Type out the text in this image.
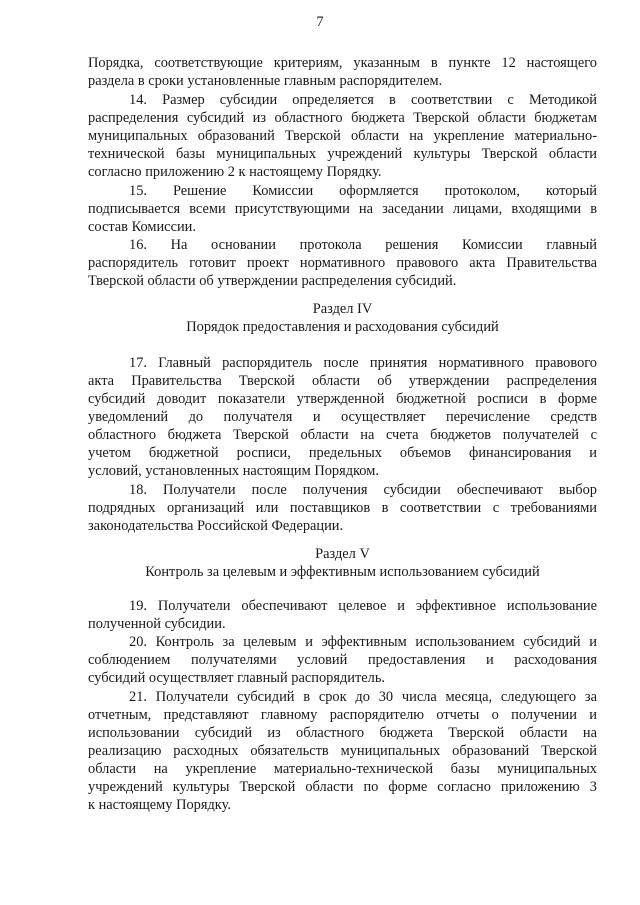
7
Порядка, соответствующие критериям, указанным в пункте 12 настоящего
раздела в сроки установленные главным распорядителем.
14. Размер субсидии определяется в соответствии с Методикой
распределения субсидий из областного бюджета Тверской области бюджетам
муниципальных образований Тверской области на укрепление материально-
технической базы муниципальных учреждений культуры Тверской области
согласно приложению 2 к настоящему Порядку.
15. Решение Комиссии оформляется протоколом, который
подписывается всеми присутствующими на заседании лицами, входящими в
состав Комиссии.
16. На основании протокола решения Комиссии главный
распорядитель готовит проект нормативного правового акта Правительства
Тверской области об утверждении распределения субсидий.
Раздел IV
Порядок предоставления и расходования субсидий
17. Главный распорядитель после принятия нормативного правового
акта Правительства Тверской области об утверждении распределения
субсидий доводит показатели утвержденной бюджетной росписи в форме
уведомлений до получателя и осуществляет перечисление средств
областного бюджета Тверской области на счета бюджетов получателей с
учетом бюджетной росписи, предельных объемов финансирования и
условий, установленных настоящим Порядком.
18. Получатели после получения субсидии обеспечивают выбор
подрядных организаций или поставщиков в соответствии с требованиями
законодательства Российской Федерации.
Раздел V
Контроль за целевым и эффективным использованием субсидий
19. Получатели обеспечивают целевое и эффективное использование
полученной субсидии.
20. Контроль за целевым и эффективным использованием субсидий и
соблюдением получателями условий предоставления и расходования
субсидий осуществляет главный распорядитель.
21. Получатели субсидий в срок до 30 числа месяца, следующего за
отчетным, представляют главному распорядителю отчеты о получении и
использовании субсидий из областного бюджета Тверской области на
реализацию расходных обязательств муниципальных образований Тверской
области на укрепление материально-технической базы муниципальных
учреждений культуры Тверской области по форме согласно приложению 3
к настоящему Порядку.
